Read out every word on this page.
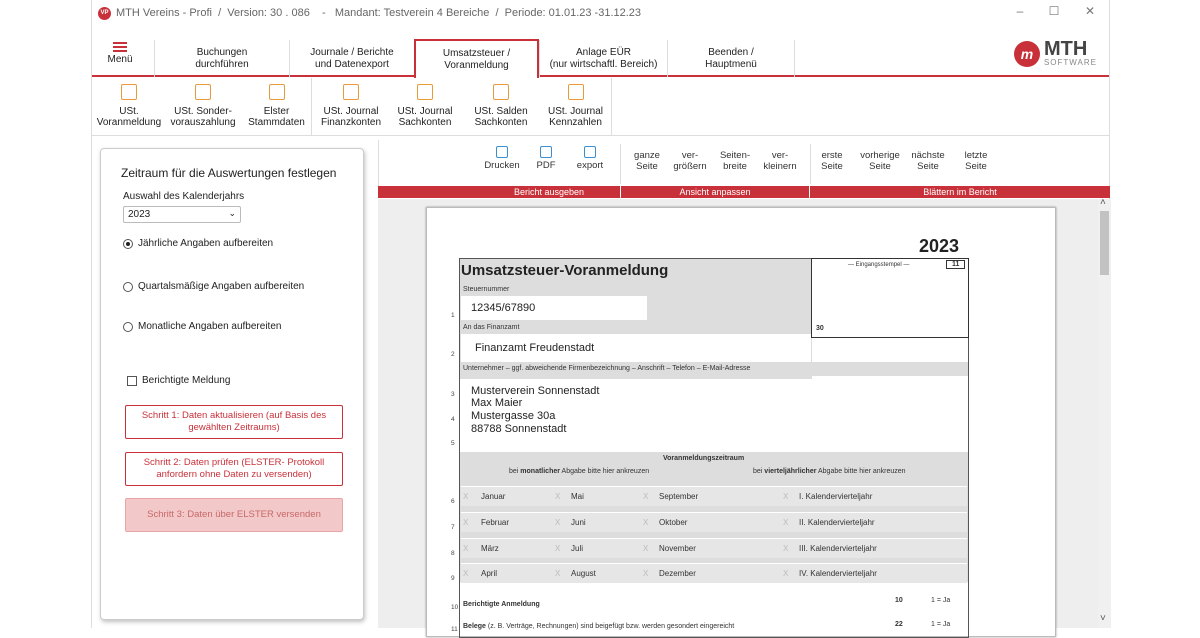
VP MTH Vereins - Profi  /  Version: 30 . 086    -   Mandant: Testverein 4 Bereiche  /  Periode: 01.01.23 -31.12.23	–	☐	✕
Menü
Buchungen
durchführen
Journale / Berichte
und Datenexport
Umsatzsteuer /
Voranmeldung
Anlage EÜR
(nur wirtschaftl. Bereich)
Beenden /
Hauptmenü
m MTH
SOFTWARE
USt.
Voranmeldung
USt. Sonder-
vorauszahlung
Elster
Stammdaten
USt. Journal
Finanzkonten
USt. Journal
Sachkonten
USt. Salden
Sachkonten
USt. Journal
Kennzahlen
Zeitraum für die Auswertungen festlegen
Auswahl des Kalenderjahrs
2023	⌄
Jährliche Angaben aufbereiten
Quartalsmäßige Angaben aufbereiten
Monatliche Angaben aufbereiten
Berichtigte Meldung
Schritt 1: Daten aktualisieren (auf Basis des gewählten Zeitraums)
Schritt 2: Daten prüfen (ELSTER- Protokoll anfordern ohne Daten zu versenden)
Schritt 3: Daten über ELSTER versenden
Drucken	PDF	export
ganze
Seite
ver-
größern
Seiten-
breite
ver-
kleinern
erste
Seite
vorherige
Seite
nächste
Seite
letzte
Seite
Bericht ausgeben	Ansicht anpassen	Blättern im Bericht
2023
Umsatzsteuer-Voranmeldung	— Eingangsstempel —	11
30
Steuernummer
12345/67890
1
An das Finanzamt
Finanzamt Freudenstadt
2
Unternehmer – ggf. abweichende Firmenbezeichnung – Anschrift – Telefon – E-Mail-Adresse
Musterverein Sonnenstadt
Max Maier
Mustergasse 30a
88788 Sonnenstadt
3
4
5
Voranmeldungszeitraum
bei monatlicher Abgabe bitte hier ankreuzen	bei vierteljährlicher Abgabe bitte hier ankreuzen
10 Berichtigte Anmeldung
10	1 = Ja
11 Belege (z. B. Verträge, Rechnungen) sind beigefügt bzw. werden gesondert eingereicht	22	1 = Ja
6
X Januar	X Mai	X September	X I. Kalendervierteljahr
7
X Februar	X Juni	X Oktober	X II. Kalendervierteljahr
8
X März	X Juli	X November	X III. Kalendervierteljahr
9
X April	X August	X Dezember	X IV. Kalendervierteljahr
˄
˅
